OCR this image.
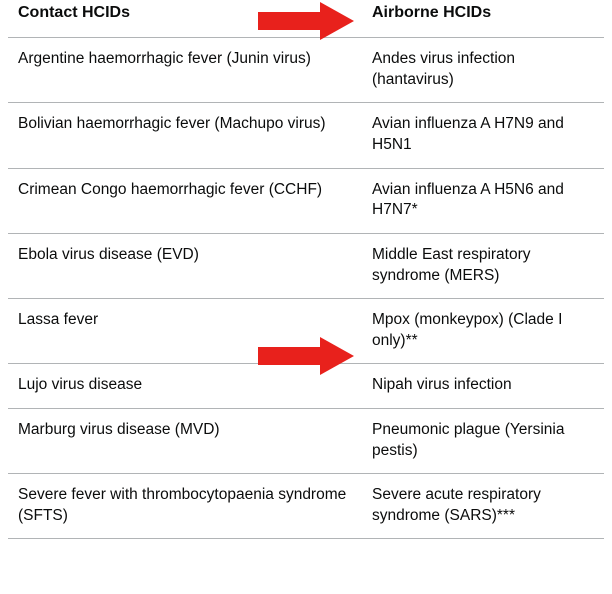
Contact HCIDs	Airborne HCIDs
Argentine haemorrhagic fever (Junin virus)	Andes virus infection (hantavirus)
Bolivian haemorrhagic fever (Machupo virus)	Avian influenza A H7N9 and H5N1
Crimean Congo haemorrhagic fever (CCHF)	Avian influenza A H5N6 and H7N7*
Ebola virus disease (EVD)	Middle East respiratory syndrome (MERS)
Lassa fever	Mpox (monkeypox) (Clade I only)**
Lujo virus disease	Nipah virus infection
Marburg virus disease (MVD)	Pneumonic plague (Yersinia pestis)
Severe fever with thrombocytopaenia syndrome (SFTS)	Severe acute respiratory syndrome (SARS)***
